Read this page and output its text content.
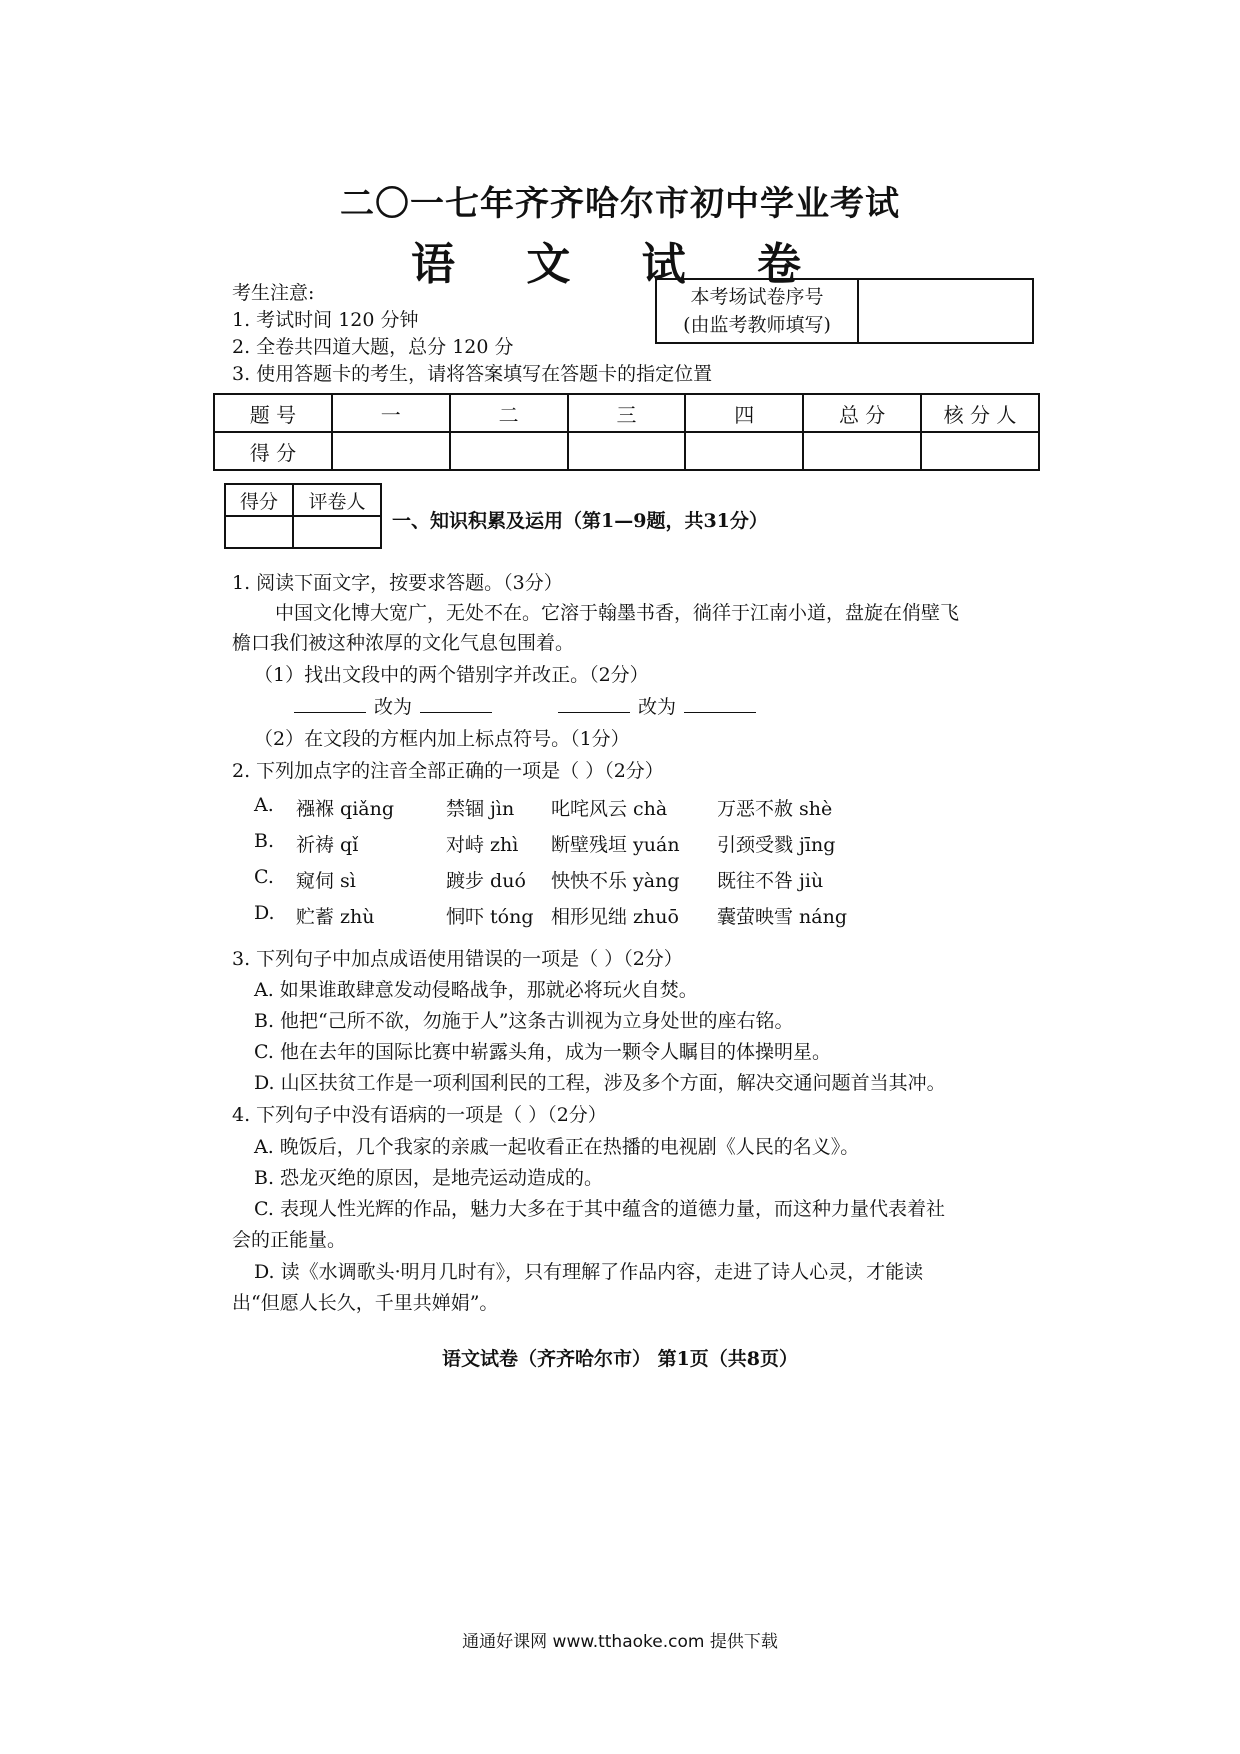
二〇一七年齐齐哈尔市初中学业考试
语 文 试 卷
考生注意:
1. 考试时间 120 分钟
2. 全卷共四道大题，总分 120 分
3. 使用答题卡的考生，请将答案填写在答题卡的指定位置
本考场试卷序号
(由监考教师填写)
题 号	一	二	三	四	总 分	核 分 人
得 分						
得分	评卷人

一、知识积累及运用（第1—9题，共31分）
1. 阅读下面文字，按要求答题。（3分）
中国文化博大宽广，无处不在。它溶于翰墨书香，徜徉于江南小道，盘旋在俏壁飞
檐口我们被这种浓厚的文化气息包围着。
（1）找出文段中的两个错别字并改正。（2分）
改为	改为
（2）在文段的方框内加上标点符号。（1分）
2. 下列加点字的注音全部正确的一项是（ ）（2分）
A. 襁褓 qiǎng	禁锢 jìn 叱咤风云 chà	万恶不赦 shè
B. 祈祷 qǐ	对峙 zhì 断壁残垣 yuán 引颈受戮 jīng
C. 窥伺 sì	踱步 duó 怏怏不乐 yàng 既往不咎 jiù
D. 贮蓄 zhù	恫吓 tóng 相形见绌 zhuō 囊萤映雪 náng
3. 下列句子中加点成语使用错误的一项是（ ）（2分）
A. 如果谁敢肆意发动侵略战争，那就必将玩火自焚。
B. 他把“己所不欲，勿施于人”这条古训视为立身处世的座右铭。
C. 他在去年的国际比赛中崭露头角，成为一颗令人瞩目的体操明星。
D. 山区扶贫工作是一项利国利民的工程，涉及多个方面，解决交通问题首当其冲。
4. 下列句子中没有语病的一项是（ ）（2分）
A. 晚饭后，几个我家的亲戚一起收看正在热播的电视剧《人民的名义》。
B. 恐龙灭绝的原因，是地壳运动造成的。
C. 表现人性光辉的作品，魅力大多在于其中蕴含的道德力量，而这种力量代表着社
会的正能量。
D. 读《水调歌头·明月几时有》，只有理解了作品内容，走进了诗人心灵，才能读
出“但愿人长久，千里共婵娟”。
语文试卷（齐齐哈尔市） 第1页（共8页）
通通好课网 www.tthaoke.com 提供下载
